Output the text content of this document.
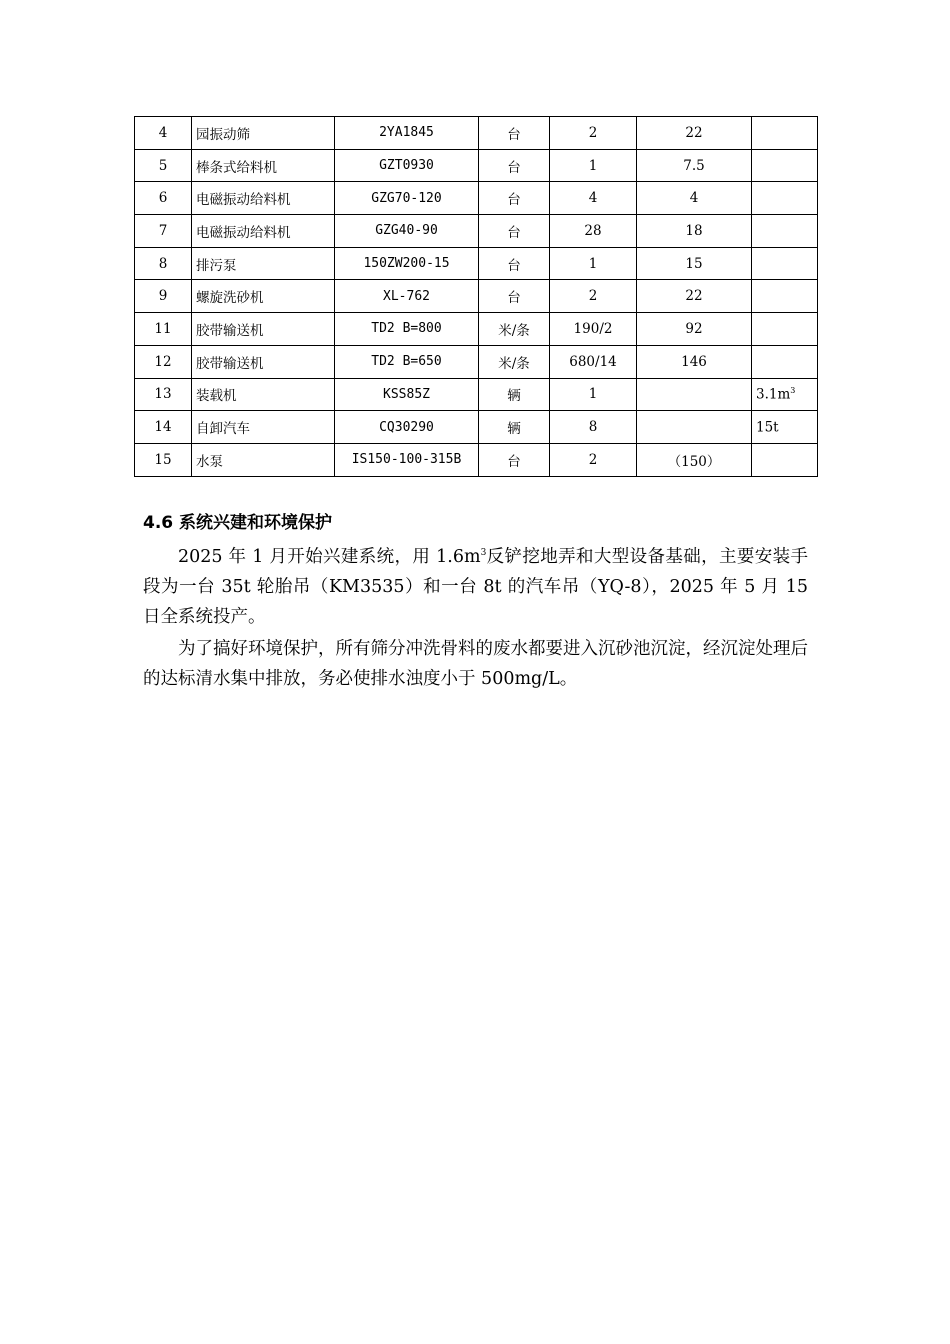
4	园振动筛	2YA1845	台	2	22	
5	棒条式给料机	GZT0930	台	1	7.5	
6	电磁振动给料机	GZG70-120	台	4	4	
7	电磁振动给料机	GZG40-90	台	28	18	
8	排污泵	150ZW200-15	台	1	15	
9	螺旋洗砂机	XL-762	台	2	22	
11	胶带输送机	TD2 B=800	米/条	190/2	92	
12	胶带输送机	TD2 B=650	米/条	680/14	146	
13	装载机	KSS85Z	辆	1		$3.1m^3$
14	自卸汽车	CQ30290	辆	8		15t
15	水泵	IS150-100-315B	台	2	（150）	

4.6 系统兴建和环境保护

2025 年 1 月开始兴建系统，用 $1.6m^3$反铲挖地弄和大型设备基础，主要安装手段为一台 35t 轮胎吊（KM3535）和一台 8t 的汽车吊（YQ-8），2025 年 5 月 15 日全系统投产。

为了搞好环境保护，所有筛分冲洗骨料的废水都要进入沉砂池沉淀，经沉淀处理后的达标清水集中排放，务必使排水浊度小于 500mg/L。
